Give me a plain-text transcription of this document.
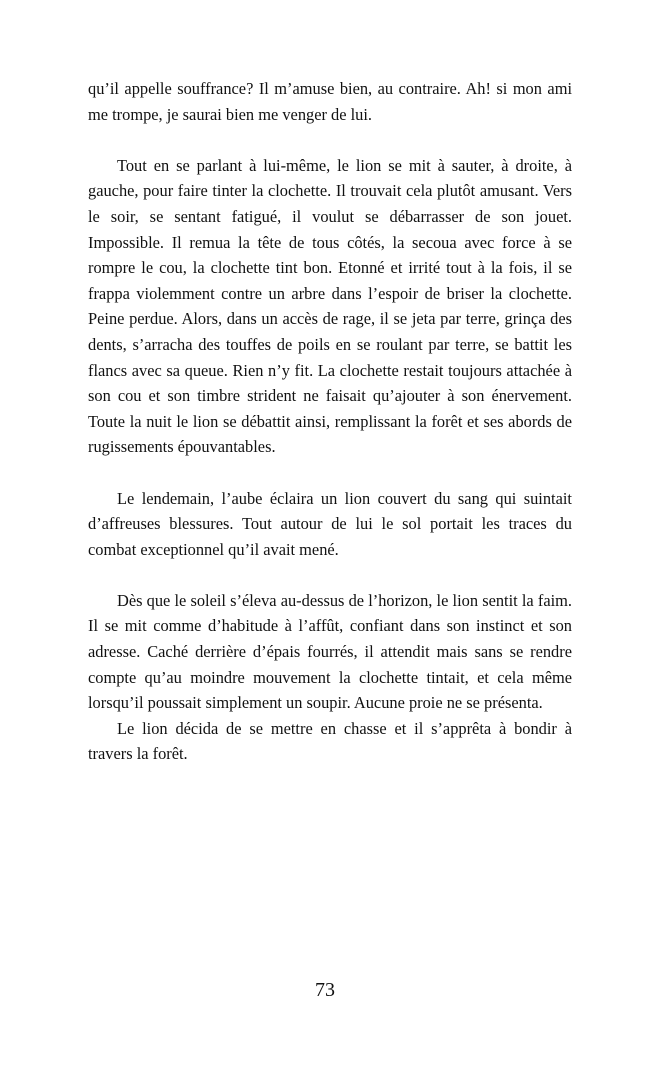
qu’il appelle souffrance? Il m’amuse bien, au contraire. Ah! si mon ami me trompe, je saurai bien me venger de lui.

Tout en se parlant à lui-même, le lion se mit à sauter, à droite, à gauche, pour faire tinter la clochette. Il trouvait cela plutôt amusant. Vers le soir, se sentant fatigué, il voulut se débarrasser de son jouet. Impossible. Il remua la tête de tous côtés, la secoua avec force à se rompre le cou, la clochette tint bon. Etonné et irrité tout à la fois, il se frappa violemment contre un arbre dans l’espoir de briser la clochette. Peine perdue. Alors, dans un accès de rage, il se jeta par terre, grinça des dents, s’arracha des touffes de poils en se roulant par terre, se battit les flancs avec sa queue. Rien n’y fit. La clochette restait toujours attachée à son cou et son timbre strident ne faisait qu’ajouter à son énervement. Toute la nuit le lion se débattit ainsi, remplissant la forêt et ses abords de rugissements épouvantables.

Le lendemain, l’aube éclaira un lion couvert du sang qui suintait d’affreuses blessures. Tout autour de lui le sol portait les traces du combat exceptionnel qu’il avait mené.

Dès que le soleil s’éleva au-dessus de l’horizon, le lion sentit la faim. Il se mit comme d’habitude à l’affût, confiant dans son instinct et son adresse. Caché derrière d’épais fourrés, il attendit mais sans se rendre compte qu’au moindre mouvement la clochette tintait, et cela même lorsqu’il poussait simplement un soupir. Aucune proie ne se présenta.

Le lion décida de se mettre en chasse et il s’apprêta à bondir à travers la forêt.

73
